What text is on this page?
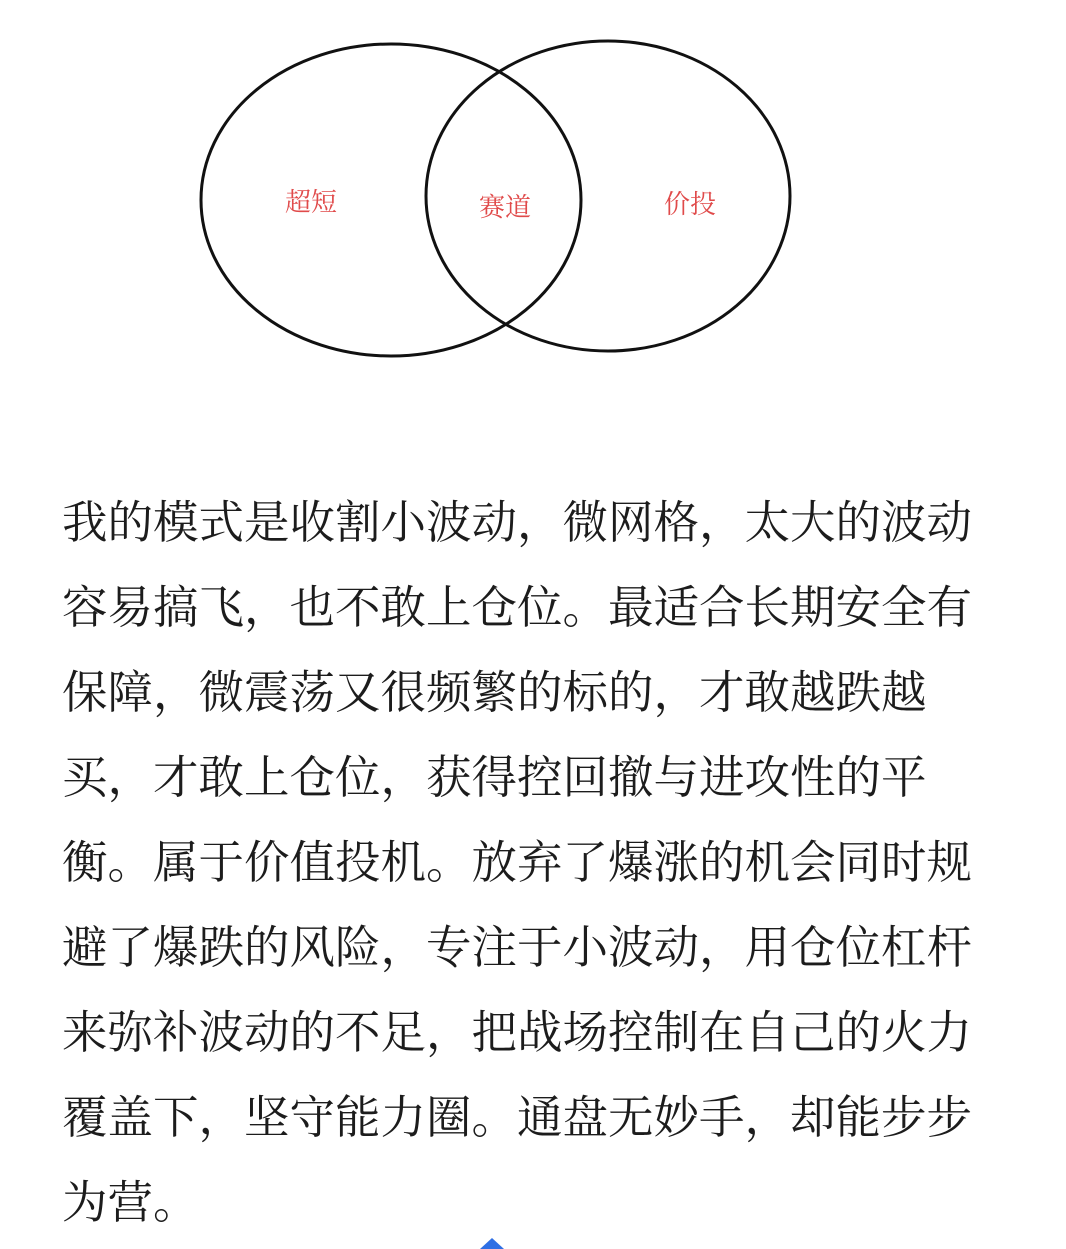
超短	赛道	价投

我的模式是收割小波动，微网格，太大的波动容易搞飞，也不敢上仓位。最适合长期安全有保障，微震荡又很频繁的标的，才敢越跌越买，才敢上仓位，获得控回撤与进攻性的平衡。属于价值投机。放弃了爆涨的机会同时规避了爆跌的风险，专注于小波动，用仓位杠杆来弥补波动的不足，把战场控制在自己的火力覆盖下，坚守能力圈。通盘无妙手，却能步步为营。
